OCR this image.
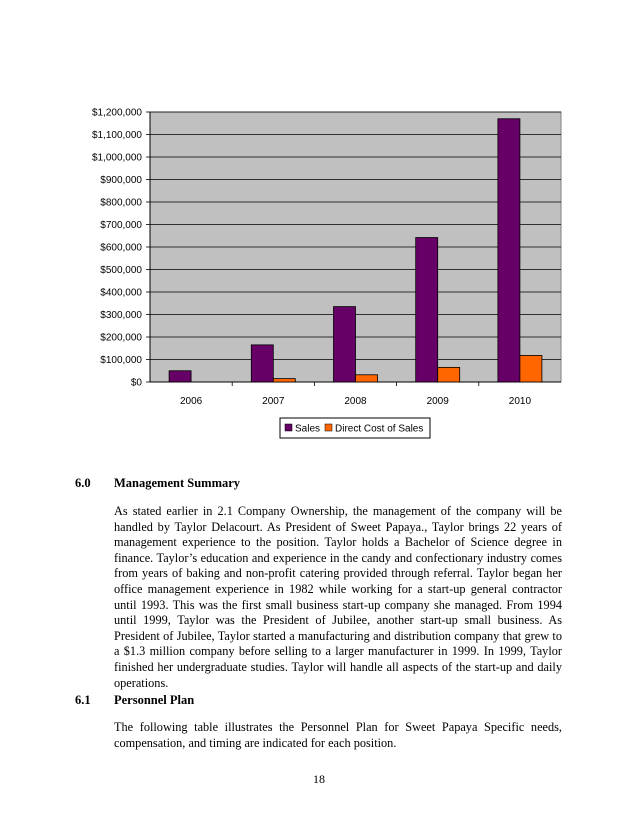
$0
$100,000
$200,000
$300,000
$400,000
$500,000
$600,000
$700,000
$800,000
$900,000
$1,000,000
$1,100,000
$1,200,000
2006	2007	2008	2009	2010
Sales Direct Cost of Sales
6.0 Management Summary

As stated earlier in 2.1 Company Ownership, the management of the company will be handled by Taylor Delacourt. As President of Sweet Papaya., Taylor brings 22 years of management experience to the position. Taylor holds a Bachelor of Science degree in finance. Taylor’s education and experience in the candy and confectionary industry comes from years of baking and non-profit catering provided through referral. Taylor began her office management experience in 1982 while working for a start-up general contractor until 1993. This was the first small business start-up company she managed. From 1994 until 1999, Taylor was the President of Jubilee, another start-up small business. As President of Jubilee, Taylor started a manufacturing and distribution company that grew to a $1.3 million company before selling to a larger manufacturer in 1999. In 1999, Taylor finished her undergraduate studies. Taylor will handle all aspects of the start-up and daily operations.

6.1 Personnel Plan

The following table illustrates the Personnel Plan for Sweet Papaya Specific needs, compensation, and timing are indicated for each position.

18
